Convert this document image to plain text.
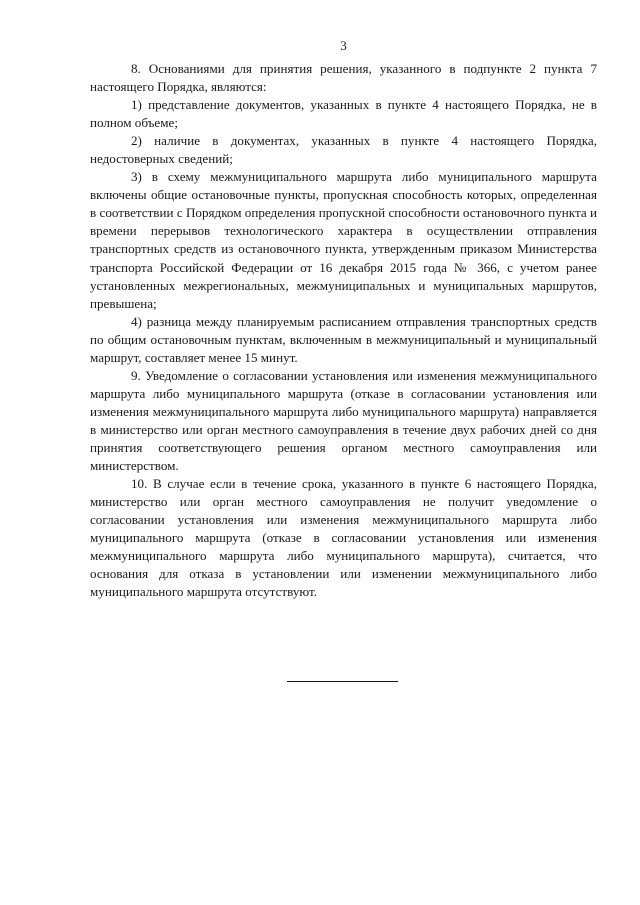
3

8. Основаниями для принятия решения, указанного в подпункте 2 пункта 7 настоящего Порядка, являются:

1) представление документов, указанных в пункте 4 настоящего Порядка, не в полном объеме;

2) наличие в документах, указанных в пункте 4 настоящего Порядка, недостоверных сведений;

3) в схему межмуниципального маршрута либо муниципального маршрута включены общие остановочные пункты, пропускная способность которых, определенная в соответствии с Порядком определения пропускной способности остановочного пункта и времени перерывов технологического характера в осуществлении отправления транспортных средств из остановочного пункта, утвержденным приказом Министерства транспорта Российской Федерации от 16 декабря 2015 года № 366, с учетом ранее установленных межрегиональных, межмуниципальных и муниципальных маршрутов, превышена;

4) разница между планируемым расписанием отправления транспортных средств по общим остановочным пунктам, включенным в межмуниципальный и муниципальный маршрут, составляет менее 15 минут.

9. Уведомление о согласовании установления или изменения межмуниципального маршрута либо муниципального маршрута (отказе в согласовании установления или изменения межмуниципального маршрута либо муниципального маршрута) направляется в министерство или орган местного самоуправления в течение двух рабочих дней со дня принятия соответствующего решения органом местного самоуправления или министерством.

10. В случае если в течение срока, указанного в пункте 6 настоящего Порядка, министерство или орган местного самоуправления не получит уведомление о согласовании установления или изменения межмуниципального маршрута либо муниципального маршрута (отказе в согласовании установления или изменения межмуниципального маршрута либо муниципального маршрута), считается, что основания для отказа в установлении или изменении межмуниципального либо муниципального маршрута отсутствуют.
